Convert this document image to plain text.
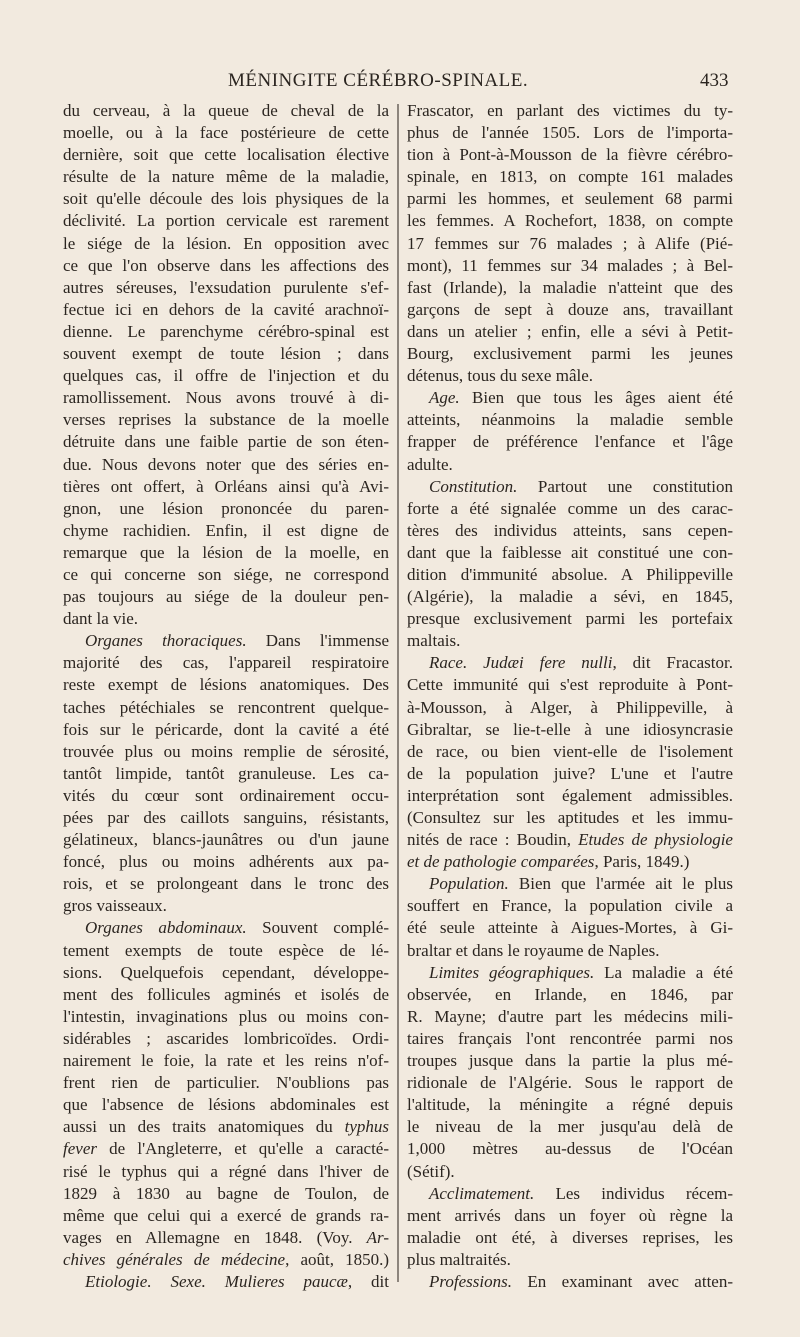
MÉNINGITE CÉRÉBRO-SPINALE.	433
du cerveau, à la queue de cheval de la
moelle, ou à la face postérieure de cette
dernière, soit que cette localisation élective
résulte de la nature même de la maladie,
soit qu'elle découle des lois physiques de la
déclivité. La portion cervicale est rarement
le siége de la lésion. En opposition avec
ce que l'on observe dans les affections des
autres séreuses, l'exsudation purulente s'ef-
fectue ici en dehors de la cavité arachnoï-
dienne. Le parenchyme cérébro-spinal est
souvent exempt de toute lésion ; dans
quelques cas, il offre de l'injection et du
ramollissement. Nous avons trouvé à di-
verses reprises la substance de la moelle
détruite dans une faible partie de son éten-
due. Nous devons noter que des séries en-
tières ont offert, à Orléans ainsi qu'à Avi-
gnon, une lésion prononcée du paren-
chyme rachidien. Enfin, il est digne de
remarque que la lésion de la moelle, en
ce qui concerne son siége, ne correspond
pas toujours au siége de la douleur pen-
dant la vie.
Organes thoraciques. Dans l'immense
majorité des cas, l'appareil respiratoire
reste exempt de lésions anatomiques. Des
taches pétéchiales se rencontrent quelque-
fois sur le péricarde, dont la cavité a été
trouvée plus ou moins remplie de sérosité,
tantôt limpide, tantôt granuleuse. Les ca-
vités du cœur sont ordinairement occu-
pées par des caillots sanguins, résistants,
gélatineux, blancs-jaunâtres ou d'un jaune
foncé, plus ou moins adhérents aux pa-
rois, et se prolongeant dans le tronc des
gros vaisseaux.
Organes abdominaux. Souvent complé-
tement exempts de toute espèce de lé-
sions. Quelquefois cependant, développe-
ment des follicules agminés et isolés de
l'intestin, invaginations plus ou moins con-
sidérables ; ascarides lombricoïdes. Ordi-
nairement le foie, la rate et les reins n'of-
frent rien de particulier. N'oublions pas
que l'absence de lésions abdominales est
aussi un des traits anatomiques du typhus
fever de l'Angleterre, et qu'elle a caracté-
risé le typhus qui a régné dans l'hiver de
1829 à 1830 au bagne de Toulon, de
même que celui qui a exercé de grands ra-
vages en Allemagne en 1848. (Voy. Ar-
chives générales de médecine, août, 1850.)
Etiologie. Sexe. Mulieres paucæ, dit
Frascator, en parlant des victimes du ty-
phus de l'année 1505. Lors de l'importa-
tion à Pont-à-Mousson de la fièvre cérébro-
spinale, en 1813, on compte 161 malades
parmi les hommes, et seulement 68 parmi
les femmes. A Rochefort, 1838, on compte
17 femmes sur 76 malades ; à Alife (Pié-
mont), 11 femmes sur 34 malades ; à Bel-
fast (Irlande), la maladie n'atteint que des
garçons de sept à douze ans, travaillant
dans un atelier ; enfin, elle a sévi à Petit-
Bourg, exclusivement parmi les jeunes
détenus, tous du sexe mâle.
Age. Bien que tous les âges aient été
atteints, néanmoins la maladie semble
frapper de préférence l'enfance et l'âge
adulte.
Constitution. Partout une constitution
forte a été signalée comme un des carac-
tères des individus atteints, sans cepen-
dant que la faiblesse ait constitué une con-
dition d'immunité absolue. A Philippeville
(Algérie), la maladie a sévi, en 1845,
presque exclusivement parmi les portefaix
maltais.
Race. Judæi fere nulli, dit Fracastor.
Cette immunité qui s'est reproduite à Pont-
à-Mousson, à Alger, à Philippeville, à
Gibraltar, se lie-t-elle à une idiosyncrasie
de race, ou bien vient-elle de l'isolement
de la population juive? L'une et l'autre
interprétation sont également admissibles.
(Consultez sur les aptitudes et les immu-
nités de race : Boudin, Etudes de physiologie
et de pathologie comparées, Paris, 1849.)
Population. Bien que l'armée ait le plus
souffert en France, la population civile a
été seule atteinte à Aigues-Mortes, à Gi-
braltar et dans le royaume de Naples.
Limites géographiques. La maladie a été
observée, en Irlande, en 1846, par
R. Mayne; d'autre part les médecins mili-
taires français l'ont rencontrée parmi nos
troupes jusque dans la partie la plus mé-
ridionale de l'Algérie. Sous le rapport de
l'altitude, la méningite a régné depuis
le niveau de la mer jusqu'au delà de
1,000 mètres au-dessus de l'Océan
(Sétif).
Acclimatement. Les individus récem-
ment arrivés dans un foyer où règne la
maladie ont été, à diverses reprises, les
plus maltraités.
Professions. En examinant avec atten-
